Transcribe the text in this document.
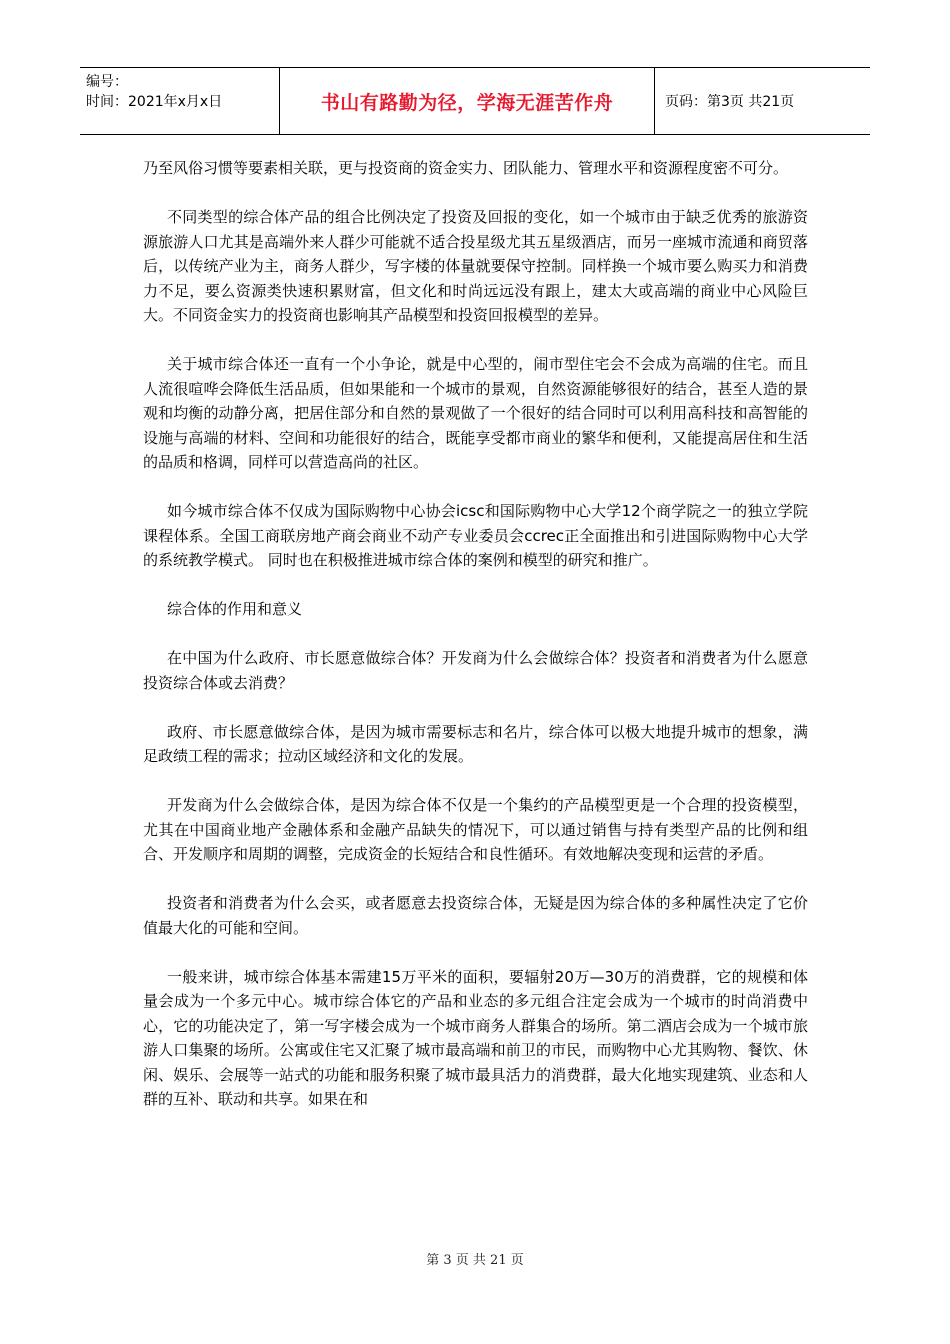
编号：
时间：2021年x月x日	书山有路勤为径，学海无涯苦作舟	页码：第3页 共21页

乃至风俗习惯等要素相关联，更与投资商的资金实力、团队能力、管理水平和资源程度密不可分。

不同类型的综合体产品的组合比例决定了投资及回报的变化，如一个城市由于缺乏优秀的旅游资源旅游人口尤其是高端外来人群少可能就不适合投星级尤其五星级酒店，而另一座城市流通和商贸落后，以传统产业为主，商务人群少，写字楼的体量就要保守控制。同样换一个城市要么购买力和消费力不足，要么资源类快速积累财富，但文化和时尚远远没有跟上，建太大或高端的商业中心风险巨大。不同资金实力的投资商也影响其产品模型和投资回报模型的差异。

关于城市综合体还一直有一个小争论，就是中心型的，闹市型住宅会不会成为高端的住宅。而且人流很喧哗会降低生活品质，但如果能和一个城市的景观，自然资源能够很好的结合，甚至人造的景观和均衡的动静分离，把居住部分和自然的景观做了一个很好的结合同时可以利用高科技和高智能的设施与高端的材料、空间和功能很好的结合，既能享受都市商业的繁华和便利，又能提高居住和生活的品质和格调，同样可以营造高尚的社区。

如今城市综合体不仅成为国际购物中心协会icsc和国际购物中心大学12个商学院之一的独立学院课程体系。全国工商联房地产商会商业不动产专业委员会ccrec正全面推出和引进国际购物中心大学的系统教学模式。 同时也在积极推进城市综合体的案例和模型的研究和推广。

综合体的作用和意义

在中国为什么政府、市长愿意做综合体？开发商为什么会做综合体？投资者和消费者为什么愿意投资综合体或去消费？

政府、市长愿意做综合体，是因为城市需要标志和名片，综合体可以极大地提升城市的想象，满足政绩工程的需求；拉动区域经济和文化的发展。

开发商为什么会做综合体，是因为综合体不仅是一个集约的产品模型更是一个合理的投资模型，尤其在中国商业地产金融体系和金融产品缺失的情况下，可以通过销售与持有类型产品的比例和组合、开发顺序和周期的调整，完成资金的长短结合和良性循环。有效地解决变现和运营的矛盾。

投资者和消费者为什么会买，或者愿意去投资综合体，无疑是因为综合体的多种属性决定了它价值最大化的可能和空间。

一般来讲，城市综合体基本需建15万平米的面积，要辐射20万—30万的消费群，它的规模和体量会成为一个多元中心。城市综合体它的产品和业态的多元组合注定会成为一个城市的时尚消费中心，它的功能决定了，第一写字楼会成为一个城市商务人群集合的场所。第二酒店会成为一个城市旅游人口集聚的场所。公寓或住宅又汇聚了城市最高端和前卫的市民，而购物中心尤其购物、餐饮、休闲、娱乐、会展等一站式的功能和服务积聚了城市最具活力的消费群，最大化地实现建筑、业态和人群的互补、联动和共享。如果在和

第 3 页 共 21 页
